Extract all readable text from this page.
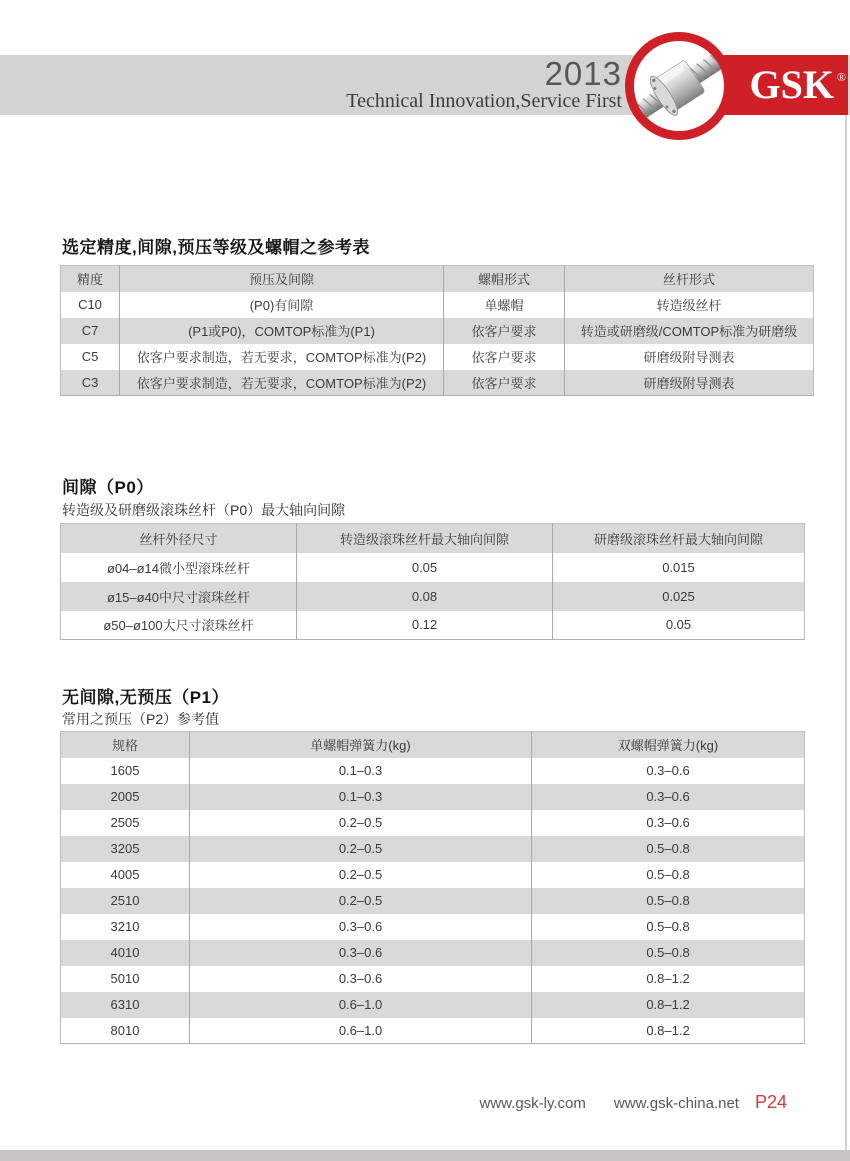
2013
Technical Innovation,Service First	GSK ®
选定精度,间隙,预压等级及螺帽之参考表
精度	预压及间隙	螺帽形式	丝杆形式
C10	(P0)有间隙	单螺帽	转造级丝杆
C7	(P1或P0)，COMTOP标准为(P1)	依客户要求	转造或研磨级/COMTOP标准为研磨级
C5	依客户要求制造，若无要求，COMTOP标准为(P2)	依客户要求	研磨级附导测表
C3	依客户要求制造，若无要求，COMTOP标准为(P2)	依客户要求	研磨级附导测表
间隙（P0）
转造级及研磨级滚珠丝杆（P0）最大轴向间隙
丝杆外径尺寸	转造级滚珠丝杆最大轴向间隙	研磨级滚珠丝杆最大轴向间隙
ø04–ø14微小型滚珠丝杆	0.05	0.015
ø15–ø40中尺寸滚珠丝杆	0.08	0.025
ø50–ø100大尺寸滚珠丝杆	0.12	0.05
无间隙,无预压（P1）
常用之预压（P2）参考值
规格	单螺帽弹簧力(kg)	双螺帽弹簧力(kg)
1605	0.1–0.3	0.3–0.6
2005	0.1–0.3	0.3–0.6
2505	0.2–0.5	0.3–0.6
3205	0.2–0.5	0.5–0.8
4005	0.2–0.5	0.5–0.8
2510	0.2–0.5	0.5–0.8
3210	0.3–0.6	0.5–0.8
4010	0.3–0.6	0.5–0.8
5010	0.3–0.6	0.8–1.2
6310	0.6–1.0	0.8–1.2
8010	0.6–1.0	0.8–1.2
www.gsk-ly.com www.gsk-china.net P24
